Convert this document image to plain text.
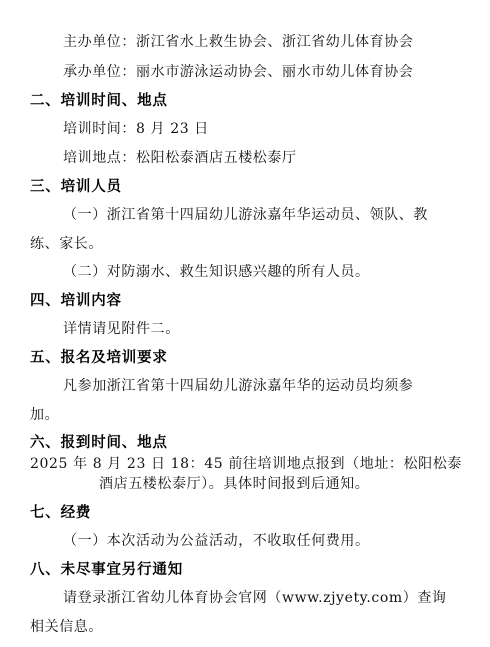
主办单位：浙江省水上救生协会、浙江省幼儿体育协会
承办单位：丽水市游泳运动协会、丽水市幼儿体育协会
二、培训时间、地点
培训时间：8 月 23 日
培训地点：松阳松泰酒店五楼松泰厅
三、培训人员
（一）浙江省第十四届幼儿游泳嘉年华运动员、领队、教
练、家长。
（二）对防溺水、救生知识感兴趣的所有人员。
四、培训内容
详情请见附件二。
五、报名及培训要求
凡参加浙江省第十四届幼儿游泳嘉年华的运动员均须参
加。
六、报到时间、地点
2025 年 8 月 23 日 18：45 前往培训地点报到（地址：松阳松泰
酒店五楼松泰厅）。具体时间报到后通知。
七、经费
（一）本次活动为公益活动，不收取任何费用。
八、未尽事宜另行通知
请登录浙江省幼儿体育协会官网（www.zjyety.com）查询
相关信息。
